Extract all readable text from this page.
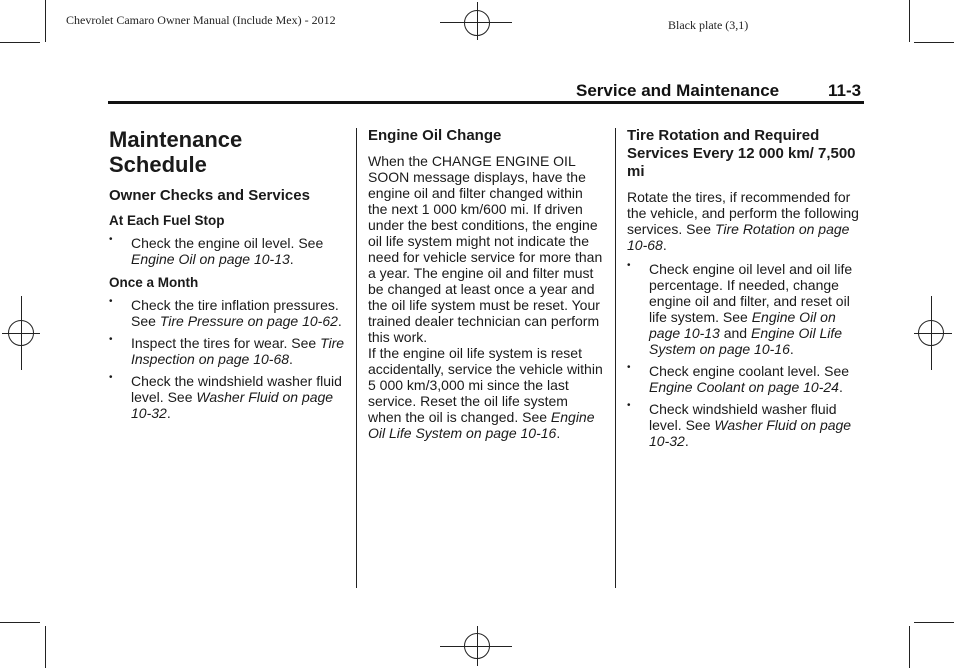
Chevrolet Camaro Owner Manual (Include Mex) - 2012	Black plate (3,1)
Service and Maintenance	11-3
Maintenance Schedule
Owner Checks and Services
At Each Fuel Stop
• Check the engine oil level. See Engine Oil on page 10-13.
Once a Month
• Check the tire inflation pressures. See Tire Pressure on page 10-62.
• Inspect the tires for wear. See Tire Inspection on page 10-68.
• Check the windshield washer fluid level. See Washer Fluid on page 10-32.
Engine Oil Change
When the CHANGE ENGINE OIL SOON message displays, have the engine oil and filter changed within the next 1 000 km/600 mi. If driven under the best conditions, the engine oil life system might not indicate the need for vehicle service for more than a year. The engine oil and filter must be changed at least once a year and the oil life system must be reset. Your trained dealer technician can perform this work.
If the engine oil life system is reset accidentally, service the vehicle within 5 000 km/3,000 mi since the last service. Reset the oil life system when the oil is changed. See Engine Oil Life System on page 10-16.
Tire Rotation and Required Services Every 12 000 km/ 7,500 mi
Rotate the tires, if recommended for the vehicle, and perform the following services. See Tire Rotation on page 10-68.
• Check engine oil level and oil life percentage. If needed, change engine oil and filter, and reset oil life system. See Engine Oil on page 10-13 and Engine Oil Life System on page 10-16.
• Check engine coolant level. See Engine Coolant on page 10-24.
• Check windshield washer fluid level. See Washer Fluid on page 10-32.
